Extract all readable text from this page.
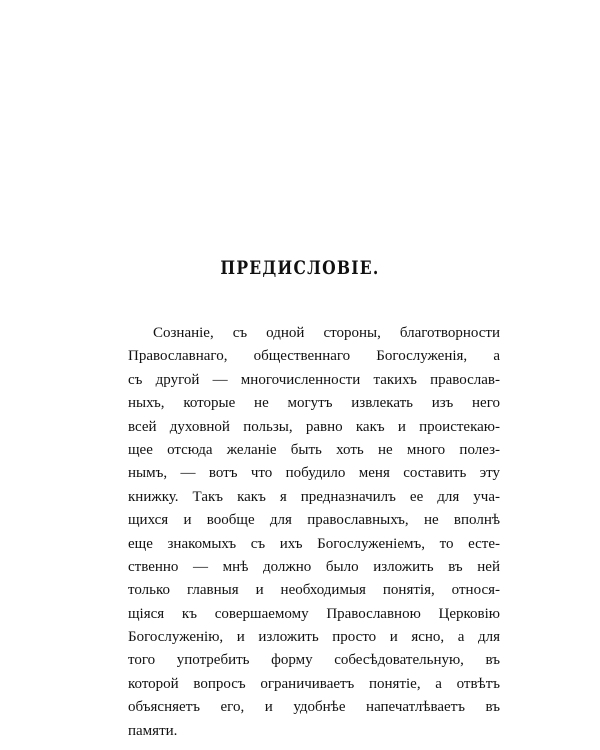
ПРЕДИСЛОВІЕ.
Сознаніе, съ одной стороны, благотворности
Православнаго, общественнаго Богослуженія, а
съ другой — многочисленности такихъ православ-
ныхъ, которые не могутъ извлекать изъ него
всей духовной пользы, равно какъ и проистекаю-
щее отсюда желаніе быть хоть не много полез-
нымъ, — вотъ что побудило меня составить эту
книжку. Такъ какъ я предназначилъ ее для уча-
щихся и вообще для православныхъ, не вполнѣ
еще знакомыхъ съ ихъ Богослуженіемъ, то есте-
ственно — мнѣ должно было изложить въ ней
только главныя и необходимыя понятія, относя-
щіяся къ совершаемому Православною Церковію
Богослуженію, и изложить просто и ясно, а для
того употребить форму собесѣдовательную, въ
которой вопросъ ограничиваетъ понятіе, а отвѣтъ
объясняетъ его, и удобнѣе напечатлѣваетъ въ
памяти.
